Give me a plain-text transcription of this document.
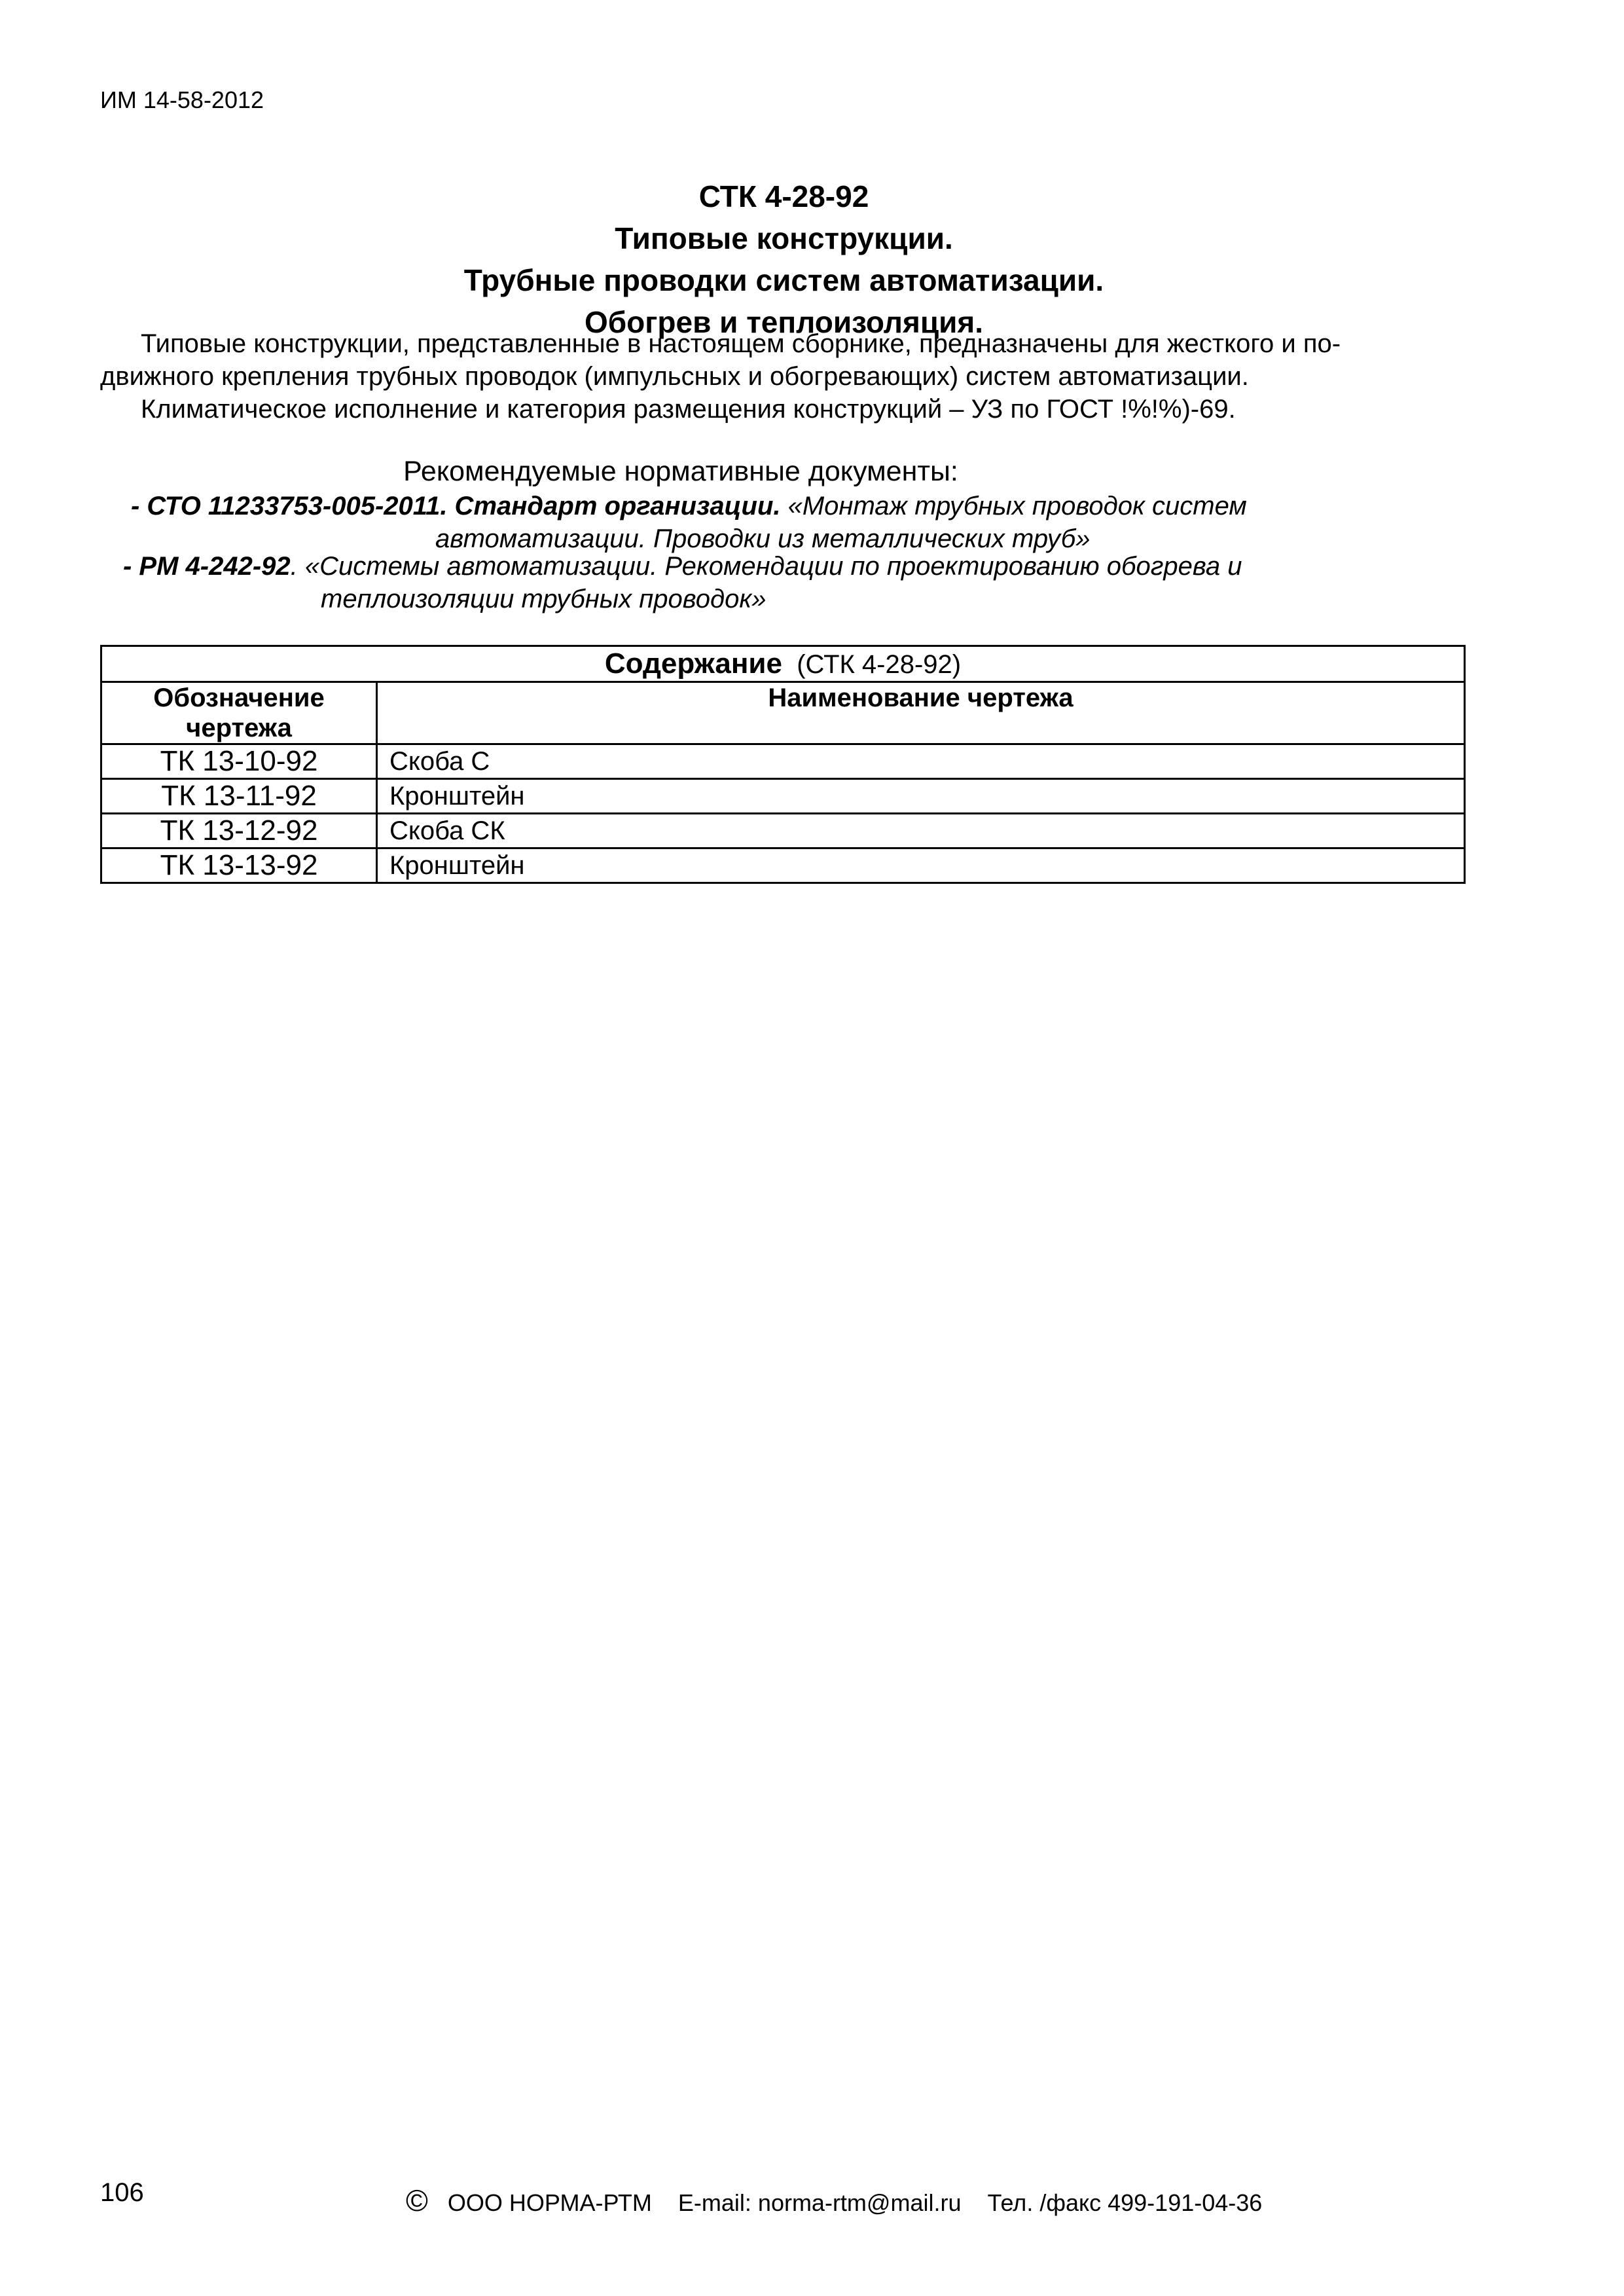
ИМ 14-58-2012
СТК 4-28-92
Типовые конструкции.
Трубные проводки систем автоматизации.
Обогрев и теплоизоляция.
Типовые конструкции, представленные в настоящем сборнике, предназначены для жесткого и по-
движного крепления трубных проводок (импульсных и обогревающих) систем автоматизации.
Климатическое исполнение и категория размещения конструкций – УЗ по ГОСТ !%!%)-69.
Рекомендуемые нормативные документы:
- СТО 11233753-005-2011. Стандарт организации. «Монтаж трубных проводок систем
автоматизации. Проводки из металлических труб»
- РМ 4-242-92. «Системы автоматизации. Рекомендации по проектированию обогрева и
теплоизоляции трубных проводок»
Содержание (СТК 4-28-92)	

Обозначение
чертежа	Наименование чертежа
ТК 13-10-92	Скоба С
ТК 13-11-92	Кронштейн
ТК 13-12-92	Скоба СК
ТК 13-13-92	Кронштейн
106	© ООО НОРМА-РТМ E-mail: norma-rtm@mail.ru Тел. /факс 499-191-04-36
